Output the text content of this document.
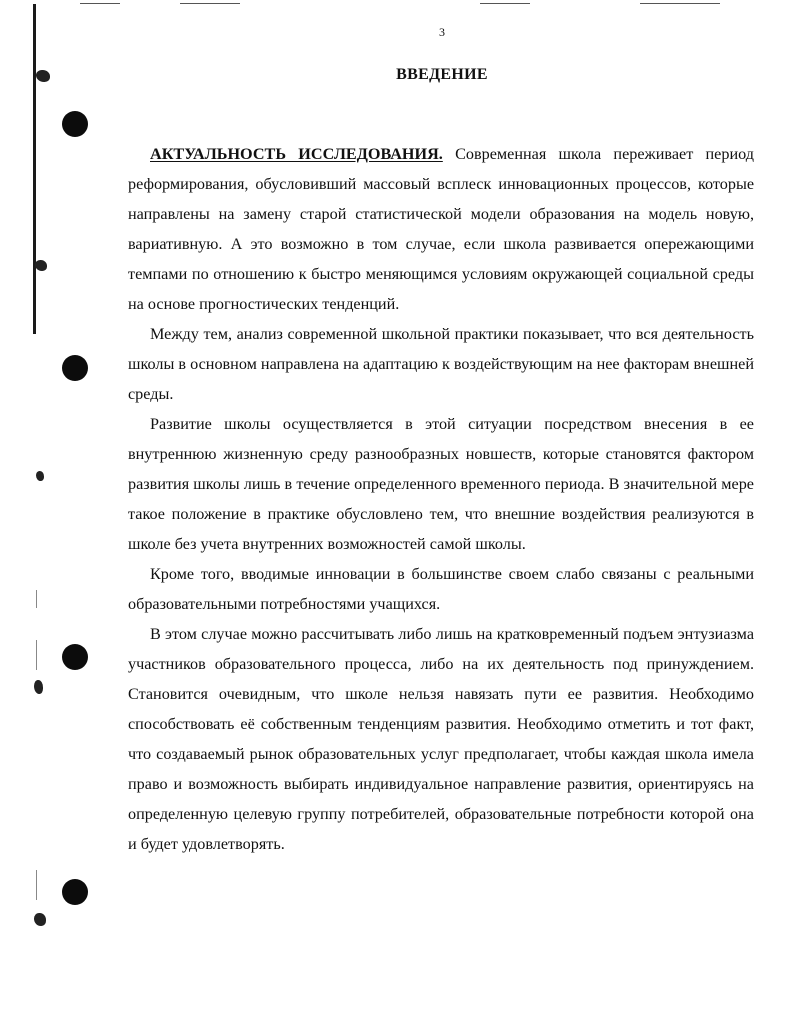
3
ВВЕДЕНИЕ

АКТУАЛЬНОСТЬ ИССЛЕДОВАНИЯ. Современная школа переживает период реформирования, обусловивший массовый всплеск инновационных процессов, которые направлены на замену старой статистической модели образования на модель новую, вариативную. А это возможно в том случае, если школа развивается опережающими темпами по отношению к быстро меняющимся условиям окружающей социальной среды на основе прогностических тенденций.

Между тем, анализ современной школьной практики показывает, что вся деятельность школы в основном направлена на адаптацию к воздействующим на нее факторам внешней среды.

Развитие школы осуществляется в этой ситуации посредством внесения в ее внутреннюю жизненную среду разнообразных новшеств, которые становятся фактором развития школы лишь в течение определенного временного периода. В значительной мере такое положение в практике обусловлено тем, что внешние воздействия реализуются в школе без учета внутренних возможностей самой школы.

Кроме того, вводимые инновации в большинстве своем слабо связаны с реальными образовательными потребностями учащихся.

В этом случае можно рассчитывать либо лишь на кратковременный подъем энтузиазма участников образовательного процесса, либо на их деятельность под принуждением. Становится очевидным, что школе нельзя навязать пути ее развития. Необходимо способствовать её собственным тенденциям развития. Необходимо отметить и тот факт, что создаваемый рынок образовательных услуг предполагает, чтобы каждая школа имела право и возможность выбирать индивидуальное направление развития, ориентируясь на определенную целевую группу потребителей, образовательные потребности которой она и будет удовлетворять.
